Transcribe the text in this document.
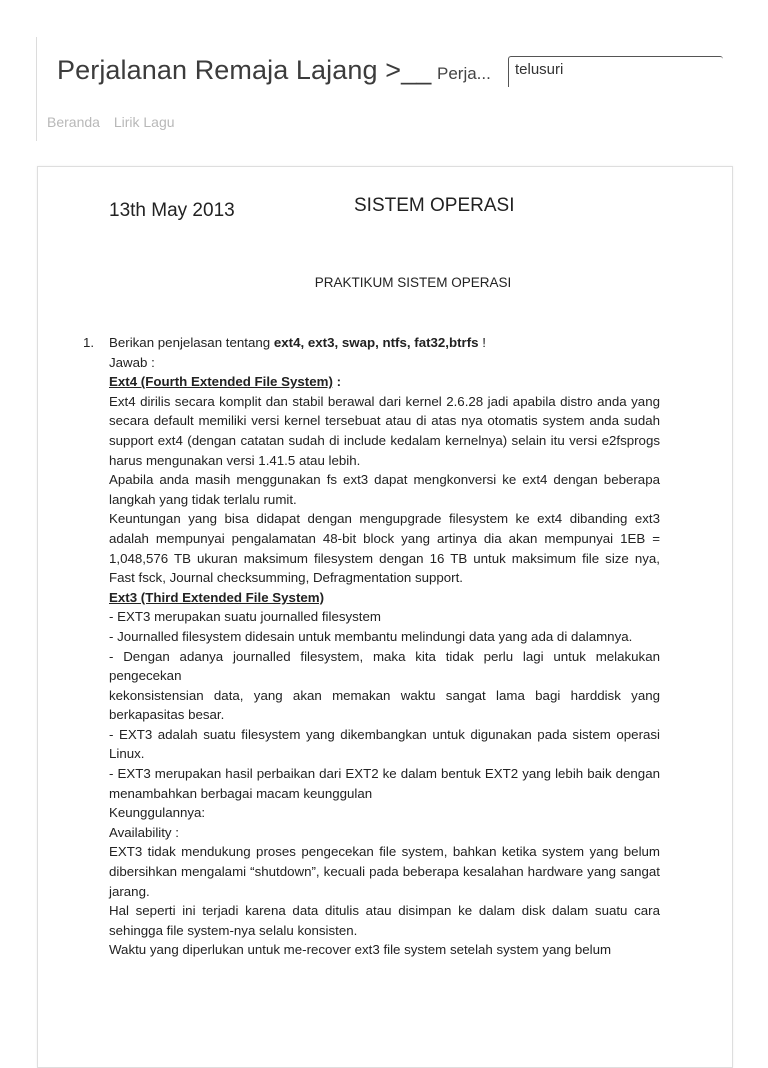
Perjalanan Remaja Lajang >__ Perja...
telusuri
Beranda Lirik Lagu
13th May 2013	SISTEM OPERASI
PRAKTIKUM SISTEM OPERASI

1. Berikan penjelasan tentang ext4, ext3, swap, ntfs, fat32,btrfs !

Jawab :

Ext4 (Fourth Extended File System) :

Ext4 dirilis secara komplit dan stabil berawal dari kernel 2.6.28 jadi apabila distro anda yang secara default memiliki versi kernel tersebuat atau di atas nya otomatis system anda sudah support ext4 (dengan catatan sudah di include kedalam kernelnya) selain itu versi e2fsprogs harus mengunakan versi 1.41.5 atau lebih.

Apabila anda masih menggunakan fs ext3 dapat mengkonversi ke ext4 dengan beberapa langkah yang tidak terlalu rumit.

Keuntungan yang bisa didapat dengan mengupgrade filesystem ke ext4 dibanding ext3 adalah mempunyai pengalamatan 48-bit block yang artinya dia akan mempunyai 1EB = 1,048,576 TB ukuran maksimum filesystem dengan 16 TB untuk maksimum file size nya, Fast fsck, Journal checksumming, Defragmentation support.

Ext3 (Third Extended File System)

- EXT3 merupakan suatu journalled filesystem

- Journalled filesystem didesain untuk membantu melindungi data yang ada di dalamnya.

- Dengan adanya journalled filesystem, maka kita tidak perlu lagi untuk melakukan pengecekan

kekonsistensian data, yang akan memakan waktu sangat lama bagi harddisk yang berkapasitas besar.

- EXT3 adalah suatu filesystem yang dikembangkan untuk digunakan pada sistem operasi Linux.

- EXT3 merupakan hasil perbaikan dari EXT2 ke dalam bentuk EXT2 yang lebih baik dengan menambahkan berbagai macam keunggulan

Keunggulannya:

Availability :

EXT3 tidak mendukung proses pengecekan file system, bahkan ketika system yang belum dibersihkan mengalami “shutdown”, kecuali pada beberapa kesalahan hardware yang sangat jarang.

Hal seperti ini terjadi karena data ditulis atau disimpan ke dalam disk dalam suatu cara sehingga file system-nya selalu konsisten.

Waktu yang diperlukan untuk me-recover ext3 file system setelah system yang belum
